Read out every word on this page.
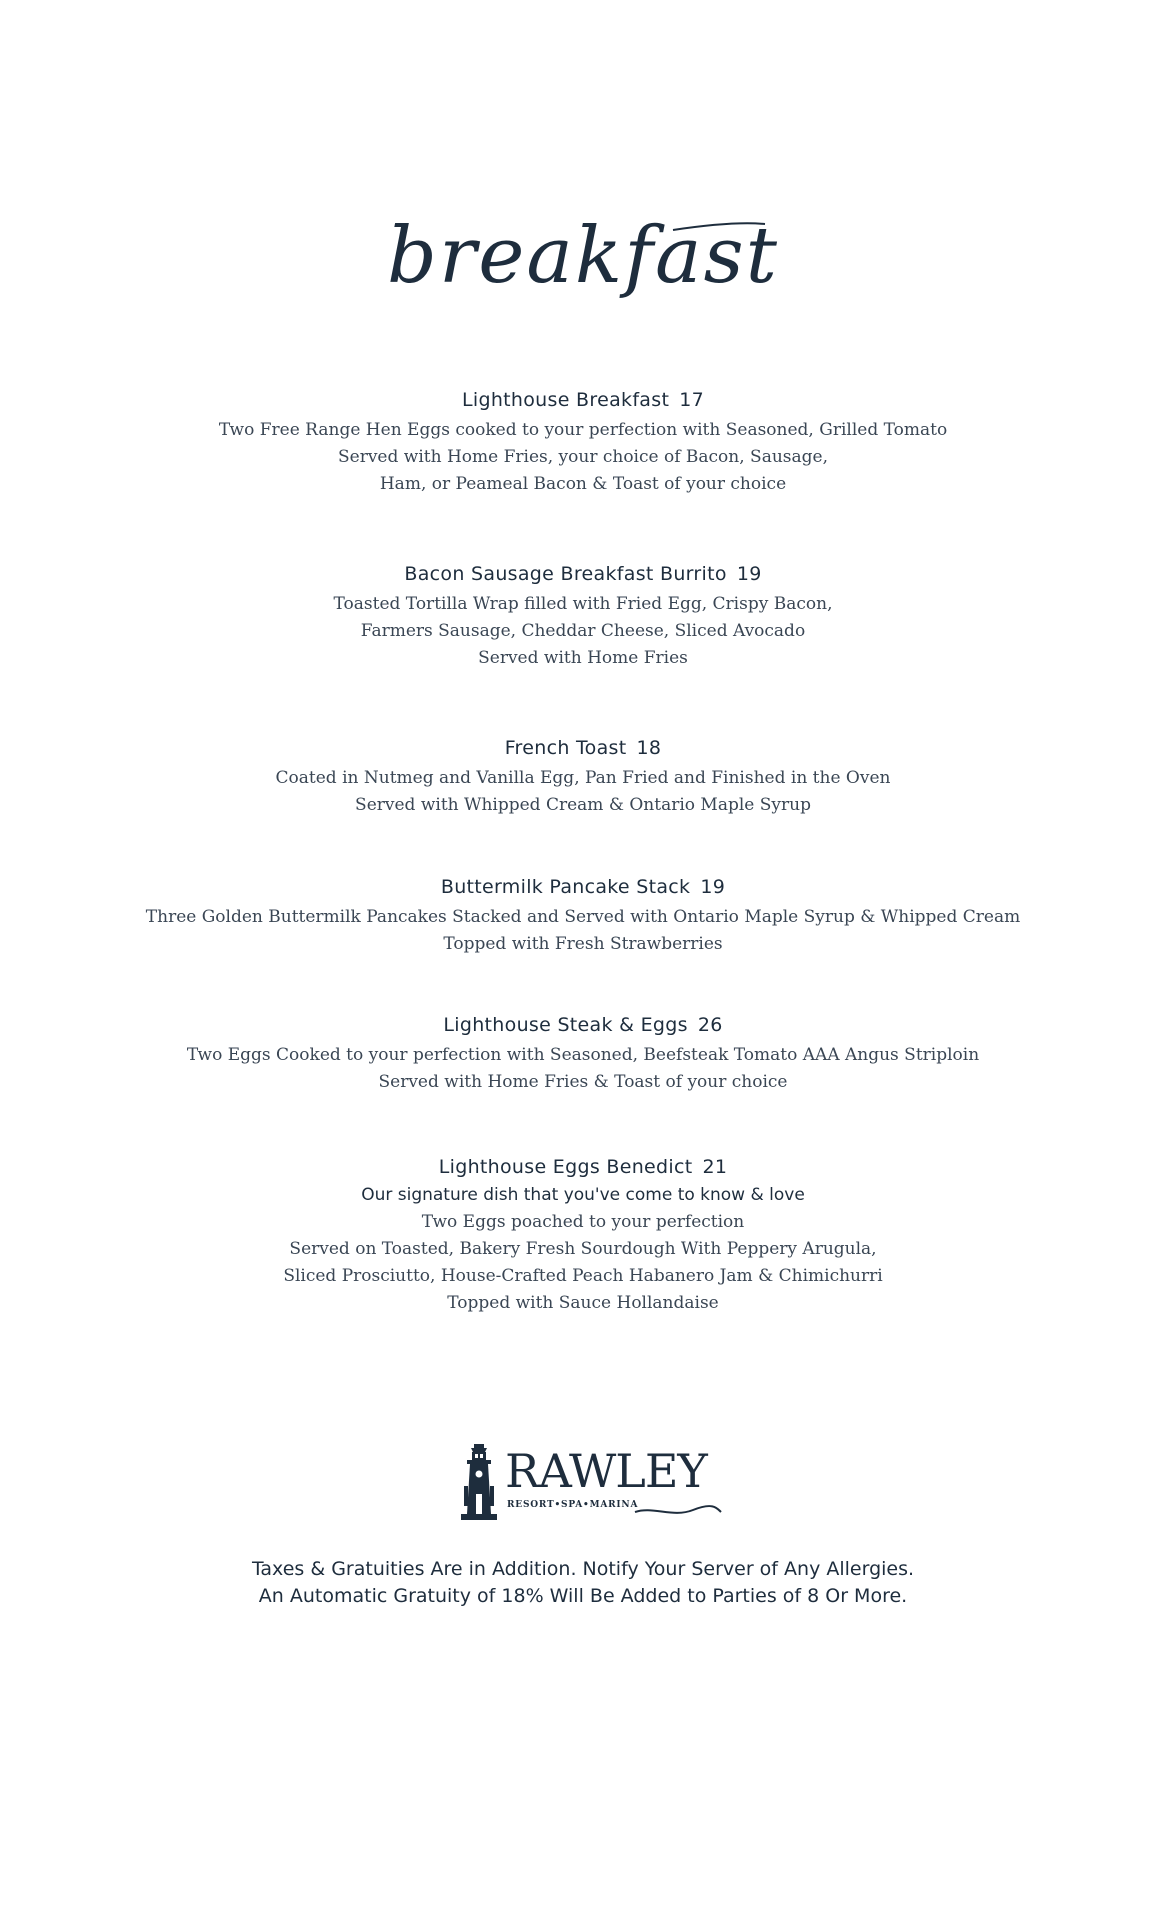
breakfast

Lighthouse Breakfast 17

Two Free Range Hen Eggs cooked to your perfection with Seasoned, Grilled Tomato
Served with Home Fries, your choice of Bacon, Sausage,
Ham, or Peameal Bacon & Toast of your choice

Bacon Sausage Breakfast Burrito 19

Toasted Tortilla Wrap filled with Fried Egg, Crispy Bacon,
Farmers Sausage, Cheddar Cheese, Sliced Avocado
Served with Home Fries

French Toast 18

Coated in Nutmeg and Vanilla Egg, Pan Fried and Finished in the Oven
Served with Whipped Cream & Ontario Maple Syrup

Buttermilk Pancake Stack 19

Three Golden Buttermilk Pancakes Stacked and Served with Ontario Maple Syrup & Whipped Cream
Topped with Fresh Strawberries

Lighthouse Steak & Eggs 26

Two Eggs Cooked to your perfection with Seasoned, Beefsteak Tomato AAA Angus Striploin
Served with Home Fries & Toast of your choice

Lighthouse Eggs Benedict 21

Our signature dish that you've come to know & love

Two Eggs poached to your perfection
Served on Toasted, Bakery Fresh Sourdough With Peppery Arugula,
Sliced Prosciutto, House-Crafted Peach Habanero Jam & Chimichurri
Topped with Sauce Hollandaise

RAWLEY
RESORT•SPA•MARINA
Taxes & Gratuities Are in Addition. Notify Your Server of Any Allergies.
An Automatic Gratuity of 18% Will Be Added to Parties of 8 Or More.
